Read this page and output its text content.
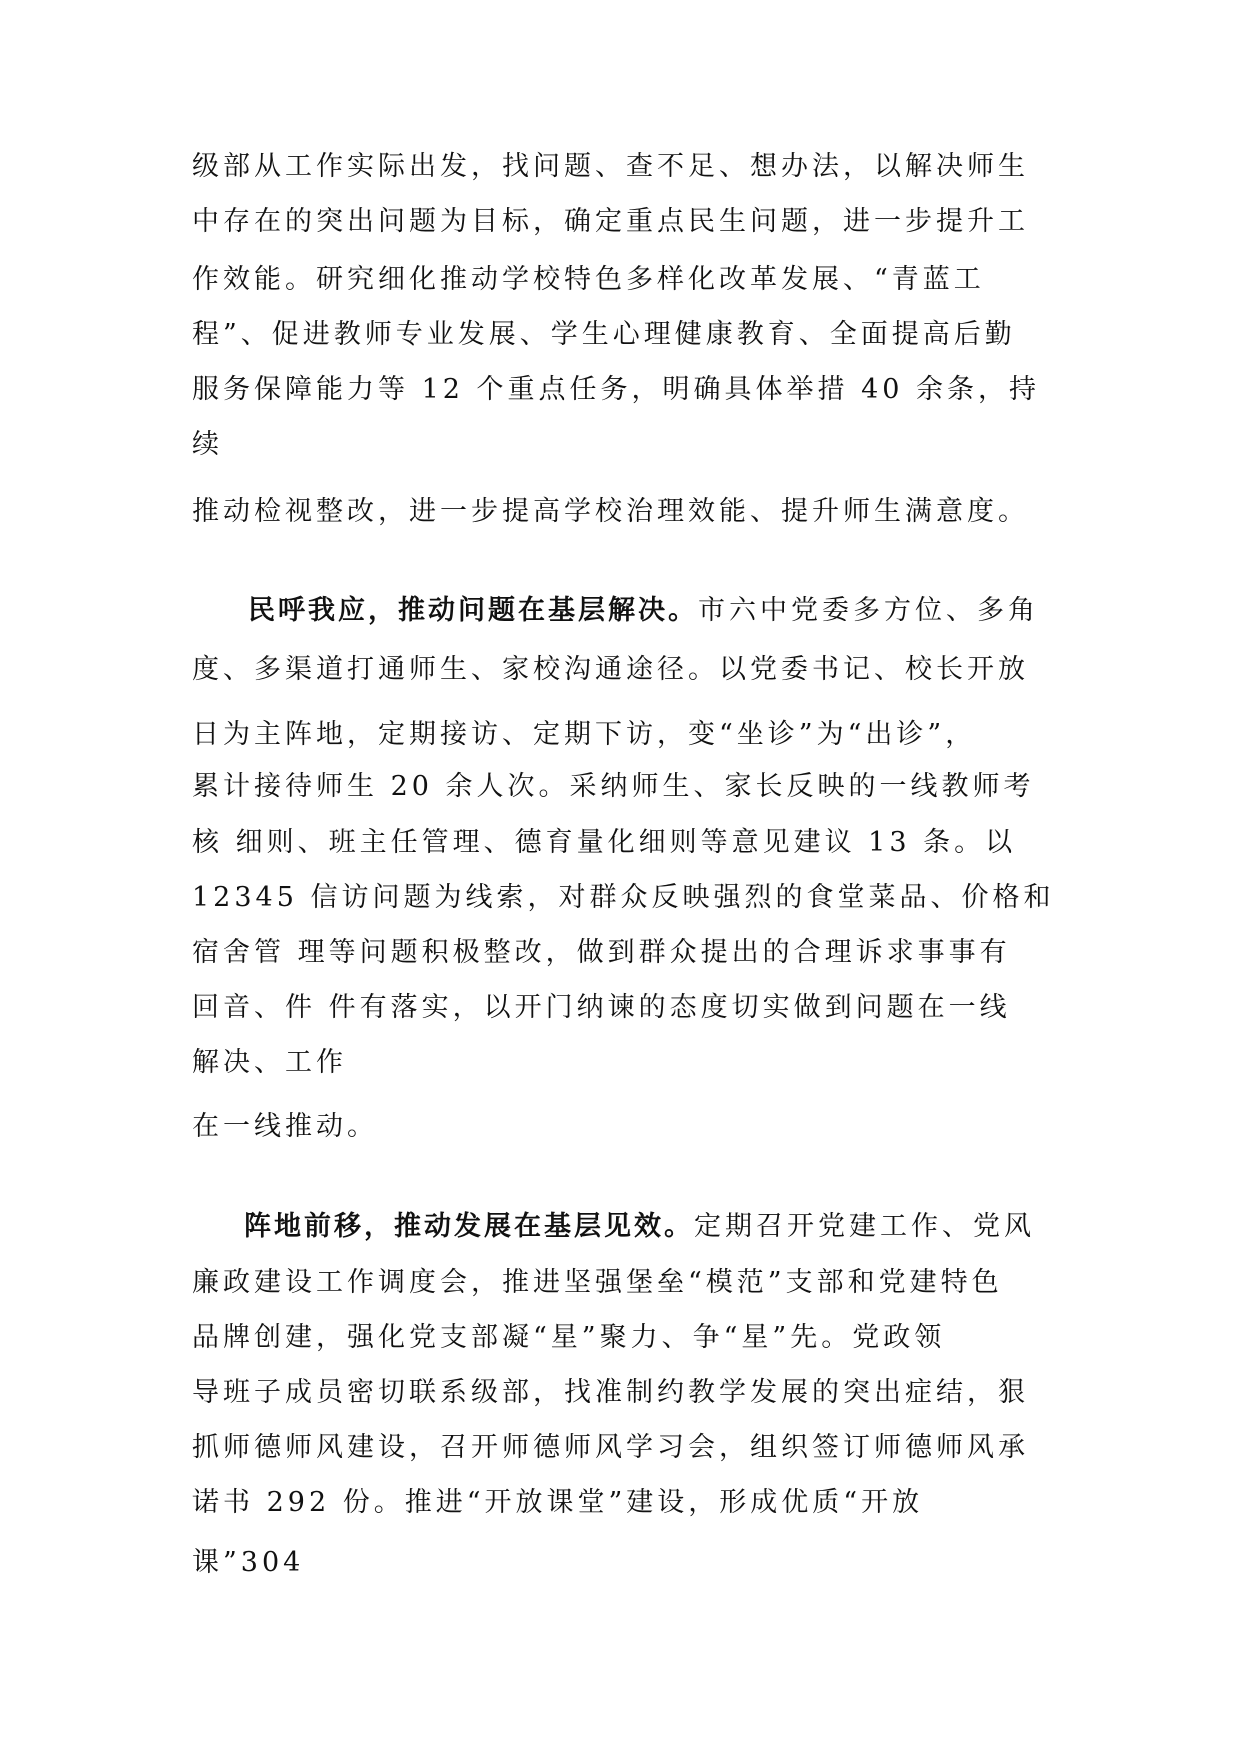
级部从工作实际出发，找问题、查不足、想办法，以解决师生
中存在的突出问题为目标，确定重点民生问题，进一步提升工
作效能。研究细化推动学校特色多样化改革发展、“青蓝工
程”、促进教师专业发展、学生心理健康教育、全面提高后勤
服务保障能力等 12 个重点任务，明确具体举措 40 余条，持
续
推动检视整改，进一步提高学校治理效能、提升师生满意度。
民呼我应，推动问题在基层解决。市六中党委多方位、多角
度、多渠道打通师生、家校沟通途径。以党委书记、校长开放
日为主阵地，定期接访、定期下访，变“坐诊”为“出诊”，
累计接待师生 20 余人次。采纳师生、家长反映的一线教师考
核 细则、班主任管理、德育量化细则等意见建议 13 条。以
12345 信访问题为线索，对群众反映强烈的食堂菜品、价格和
宿舍管 理等问题积极整改，做到群众提出的合理诉求事事有
回音、件 件有落实，以开门纳谏的态度切实做到问题在一线
解决、工作
在一线推动。
阵地前移，推动发展在基层见效。定期召开党建工作、党风
廉政建设工作调度会，推进坚强堡垒“模范”支部和党建特色
品牌创建，强化党支部凝“星”聚力、争“星”先。党政领
导班子成员密切联系级部，找准制约教学发展的突出症结，狠
抓师德师风建设，召开师德师风学习会，组织签订师德师风承
诺书 292 份。推进“开放课堂”建设，形成优质“开放
课”304
